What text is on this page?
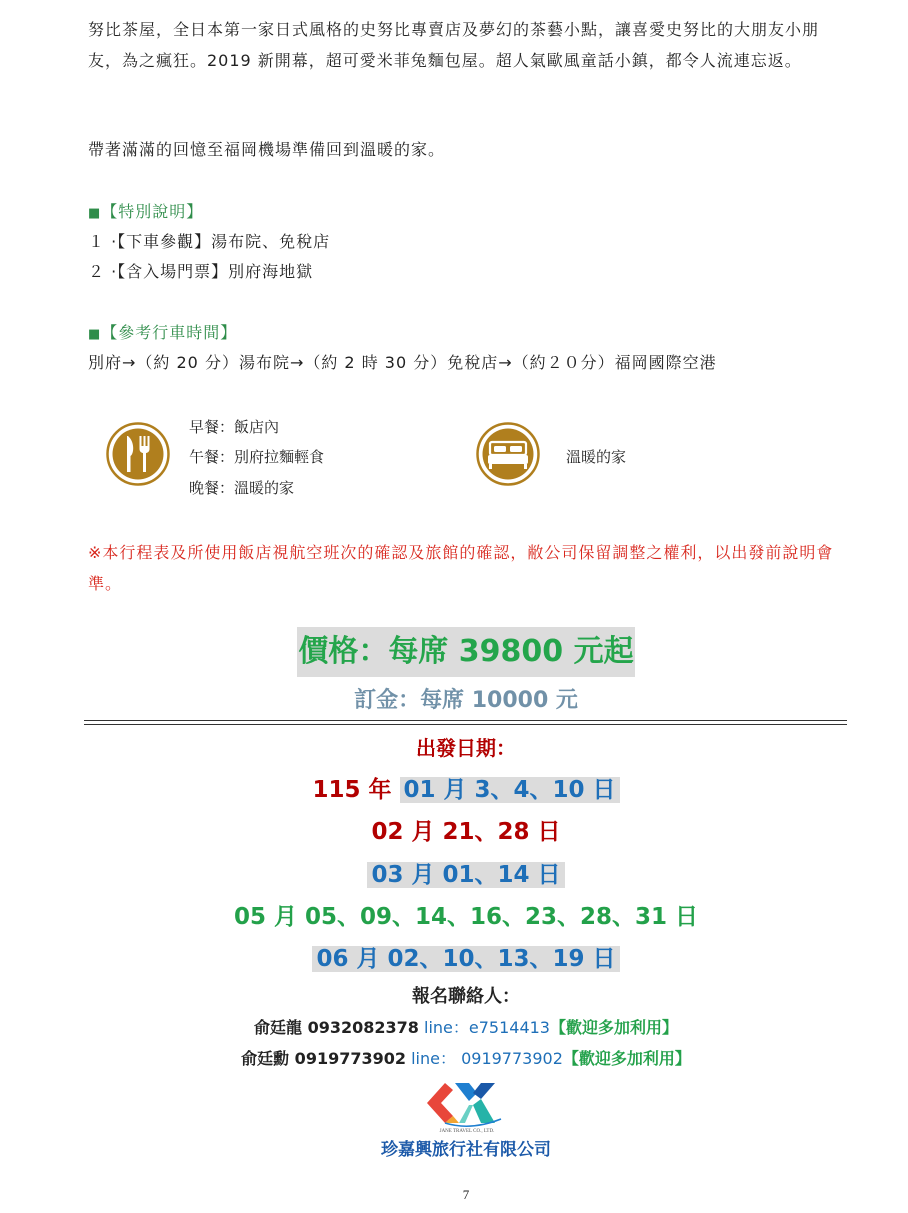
努比茶屋，全日本第一家日式風格的史努比專賣店及夢幻的茶藝小點，讓喜愛史努比的大朋友小朋友，為之瘋狂。2019 新開幕，超可愛米菲兔麵包屋。超人氣歐風童話小鎮，都令人流連忘返。

帶著滿滿的回憶至福岡機場準備回到溫暖的家。

■【特別說明】
１ ·【下車參觀】湯布院、免稅店
２ ·【含入場門票】別府海地獄
■【參考行車時間】
別府→（約 20 分）湯布院→（約 2 時 30 分）免稅店→（約２０分）福岡國際空港
早餐：飯店內
午餐：別府拉麵輕食
晚餐：溫暖的家
溫暖的家

※本行程表及所使用飯店視航空班次的確認及旅館的確認，敝公司保留調整之權利，以出發前說明會準。

價格：每席 39800 元起
訂金：每席 10000 元
出發日期：
115 年 01 月 3、4、10 日
02 月 21、28 日
03 月 01、14 日
05 月 05、09、14、16、23、28、31 日
06 月 02、10、13、19 日
報名聯絡人：
俞廷龍 0932082378 line：e7514413【歡迎多加利用】
俞廷勳 0919773902 line： 0919773902【歡迎多加利用】
JANE TRAVEL CO., LTD.
珍嘉興旅行社有限公司
7
